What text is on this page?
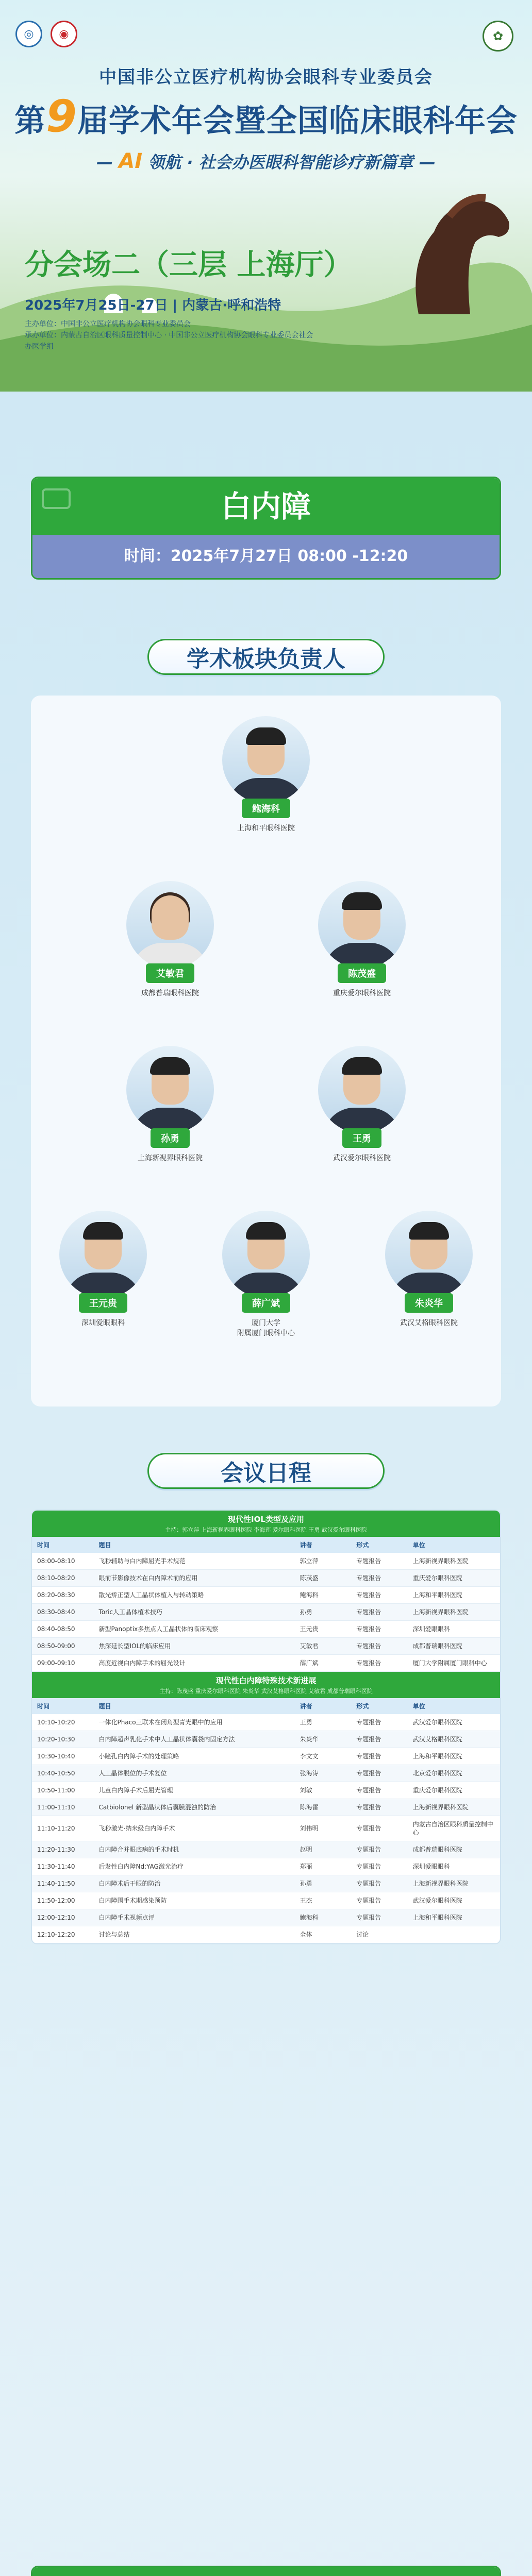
◎	◉	✿
中国非公立医疗机构协会眼科专业委员会
第9届学术年会暨全国临床眼科年会
— AI 领航 · 社会办医眼科智能诊疗新篇章 —
分会场二（三层 上海厅）
2025年7月25日-27日 | 内蒙古·呼和浩特
主办单位：中国非公立医疗机构协会眼科专业委员会
承办单位：内蒙古自治区眼科质量控制中心 · 中国非公立医疗机构协会眼科专业委员会社会办医学组
白内障
时间：2025年7月27日 08:00 -12:20
学术板块负责人
鲍海科
上海和平眼科医院
艾敏君
成都普瑞眼科医院
陈茂盛
重庆爱尔眼科医院
孙勇
上海新视界眼科医院
王勇
武汉爱尔眼科医院
王元贵
深圳爱眼眼科
薛广斌
厦门大学
附属厦门眼科中心
朱炎华
武汉艾格眼科医院
会议日程
现代性IOL类型及应用
主持：郭立萍 上海新视界眼科医院 李海莲 爱尔眼科医院 王勇 武汉爱尔眼科医院
时间	题目	讲者	形式	单位
08:00-08:10	飞秒辅助与白内障屈光手术规范	郭立萍	专题报告	上海新视界眼科医院
08:10-08:20	眼前节影像技术在白内障术前的应用	陈茂盛	专题报告	重庆爱尔眼科医院
08:20-08:30	散光矫正型人工晶状体植入与转动策略	鲍海科	专题报告	上海和平眼科医院
08:30-08:40	Toric人工晶体植术技巧	孙勇	专题报告	上海新视界眼科医院
08:40-08:50	新型Panoptix多焦点人工晶状体的临床观察	王元贵	专题报告	深圳爱眼眼科
08:50-09:00	焦深延长型IOL的临床应用	艾敏君	专题报告	成都普瑞眼科医院
09:00-09:10	高度近视白内障手术的屈光设计	薛广斌	专题报告	厦门大学附属厦门眼科中心
现代性白内障特殊技术新进展
主持：陈茂盛 重庆爱尔眼科医院 朱炎华 武汉艾格眼科医院 艾敏君 成都普瑞眼科医院
时间	题目	讲者	形式	单位
10:10-10:20	一体化Phaco三联术在闭角型青光眼中的应用	王勇	专题报告	武汉爱尔眼科医院
10:20-10:30	白内障超声乳化手术中人工晶状体囊袋内固定方法	朱炎华	专题报告	武汉艾格眼科医院
10:30-10:40	小瞳孔白内障手术的处理策略	李文文	专题报告	上海和平眼科医院
10:40-10:50	人工晶体脱位的手术复位	张海涛	专题报告	北京爱尔眼科医院
10:50-11:00	儿童白内障手术后屈光管理	刘敏	专题报告	重庆爱尔眼科医院
11:00-11:10	Catbiolonel 新型晶状体后囊膜混浊的防治	陈海雷	专题报告	上海新视界眼科医院
11:10-11:20	飞秒激光·纳米级白内障手术	刘伟明	专题报告
内蒙古自治区眼科质量控制中心
11:20-11:30	白内障合并眼底病的手术时机	赵明	专题报告	成都普瑞眼科医院
11:30-11:40	后发性白内障Nd:YAG激光治疗	郑丽	专题报告	深圳爱眼眼科
11:40-11:50	白内障术后干眼的防治	孙勇	专题报告	上海新视界眼科医院
11:50-12:00	白内障围手术期感染预防	王杰	专题报告	武汉爱尔眼科医院
12:00-12:10	白内障手术视频点评	鲍海科	专题报告	上海和平眼科医院
12:10-12:20	讨论与总结	全体	讨论
